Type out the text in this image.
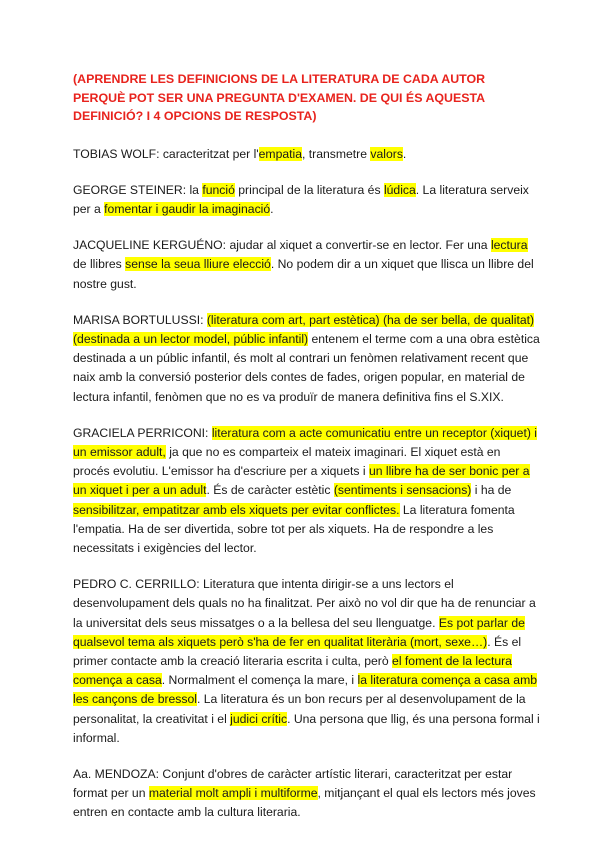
(APRENDRE LES DEFINICIONS DE LA LITERATURA DE CADA AUTOR PERQUÈ POT SER UNA PREGUNTA D'EXAMEN. DE QUI ÉS AQUESTA DEFINICIÓ? I 4 OPCIONS DE RESPOSTA)

TOBIAS WOLF: caracteritzat per l'empatia, transmetre valors.

GEORGE STEINER: la funció principal de la literatura és lúdica. La literatura serveix per a fomentar i gaudir la imaginació.

JACQUELINE KERGUÉNO: ajudar al xiquet a convertir-se en lector. Fer una lectura de llibres sense la seua lliure elecció. No podem dir a un xiquet que llisca un llibre del nostre gust.

MARISA BORTULUSSI: (literatura com art, part estètica) (ha de ser bella, de qualitat) (destinada a un lector model, públic infantil) entenem el terme com a una obra estètica destinada a un públic infantil, és molt al contrari un fenòmen relativament recent que naix amb la conversió posterior dels contes de fades, origen popular, en material de lectura infantil, fenòmen que no es va produïr de manera definitiva fins el S.XIX.

GRACIELA PERRICONI: literatura com a acte comunicatiu entre un receptor (xiquet) i un emissor adult, ja que no es comparteix el mateix imaginari. El xiquet està en procés evolutiu. L'emissor ha d'escriure per a xiquets i un llibre ha de ser bonic per a un xiquet i per a un adult. És de caràcter estètic (sentiments i sensacions) i ha de sensibilitzar, empatitzar amb els xiquets per evitar conflictes. La literatura fomenta l'empatia. Ha de ser divertida, sobre tot per als xiquets. Ha de respondre a les necessitats i exigències del lector.

PEDRO C. CERRILLO: Literatura que intenta dirigir-se a uns lectors el desenvolupament dels quals no ha finalitzat. Per això no vol dir que ha de renunciar a la universitat dels seus missatges o a la bellesa del seu llenguatge. Es pot parlar de qualsevol tema als xiquets però s'ha de fer en qualitat literària (mort, sexe…). És el primer contacte amb la creació literaria escrita i culta, però el foment de la lectura comença a casa. Normalment el comença la mare, i la literatura comença a casa amb les cançons de bressol. La literatura és un bon recurs per al desenvolupament de la personalitat, la creativitat i el judici crític. Una persona que llig, és una persona formal i informal.

Aa. MENDOZA: Conjunt d'obres de caràcter artístic literari, caracteritzat per estar format per un material molt ampli i multiforme, mitjançant el qual els lectors més joves entren en contacte amb la cultura literaria.
